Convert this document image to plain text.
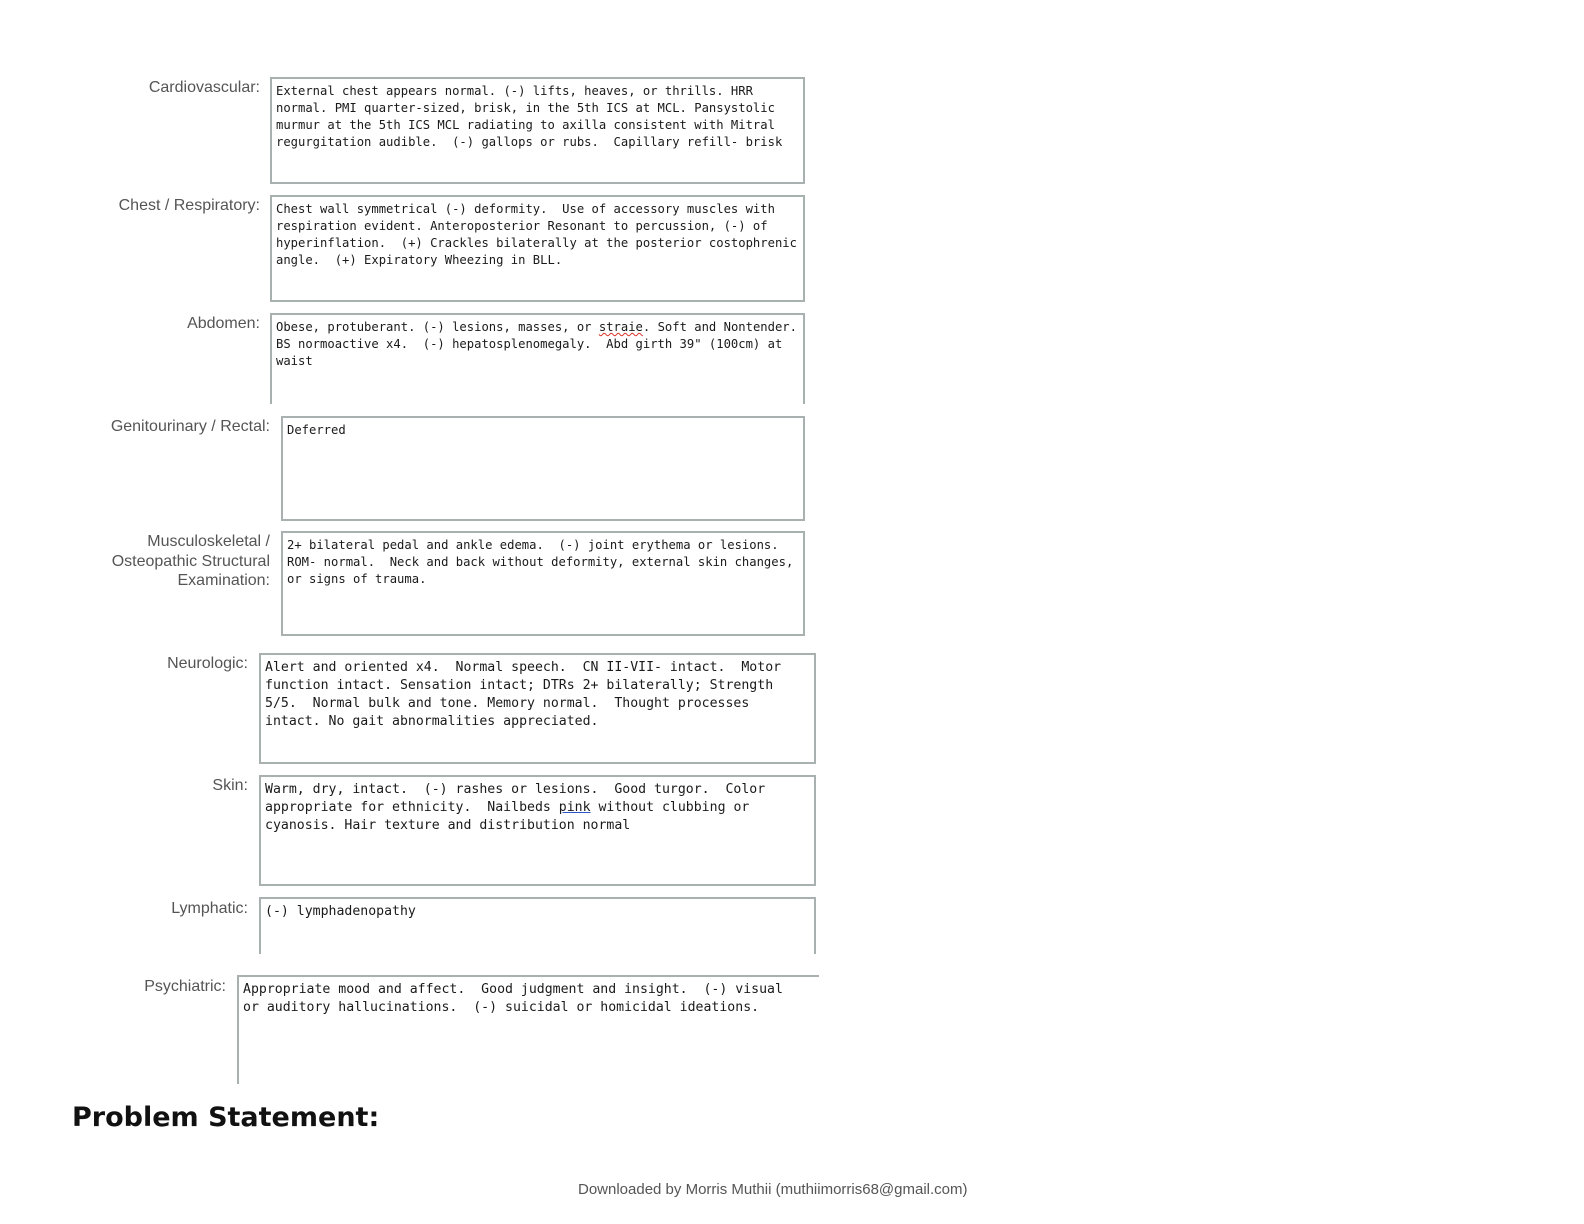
Cardiovascular:	External chest appears normal. (-) lifts, heaves, or thrills. HRR normal. PMI quarter-sized, brisk, in the 5th ICS at MCL. Pansystolic murmur at the 5th ICS MCL radiating to axilla consistent with Mitral regurgitation audible.  (-) gallops or rubs.  Capillary refill- brisk
Chest / Respiratory:	Chest wall symmetrical (-) deformity.  Use of accessory muscles with respiration evident. Anteroposterior Resonant to percussion, (-) of hyperinflation.  (+) Crackles bilaterally at the posterior costophrenic angle.  (+) Expiratory Wheezing in BLL.
Abdomen:	Obese, protuberant. (-) lesions, masses, or straie. Soft and Nontender.  BS normoactive x4.  (-) hepatosplenomegaly.  Abd girth 39" (100cm) at waist
Genitourinary / Rectal:	Deferred
Musculoskeletal /
Osteopathic Structural
Examination:
2+ bilateral pedal and ankle edema.  (-) joint erythema or lesions.  ROM- normal.  Neck and back without deformity, external skin changes, or signs of trauma.
Neurologic:	Alert and oriented x4.  Normal speech.  CN II-VII- intact.  Motor function intact. Sensation intact; DTRs 2+ bilaterally; Strength 5/5.  Normal bulk and tone. Memory normal.  Thought processes intact. No gait abnormalities appreciated.
Skin:	Warm, dry, intact.  (-) rashes or lesions.  Good turgor.  Color appropriate for ethnicity.  Nailbeds pink without clubbing or cyanosis. Hair texture and distribution normal
Lymphatic:	(-) lymphadenopathy
Psychiatric:	Appropriate mood and affect.  Good judgment and insight.  (-) visual or auditory hallucinations.  (-) suicidal or homicidal ideations.
Problem Statement:
Downloaded by Morris Muthii (muthiimorris68@gmail.com)
